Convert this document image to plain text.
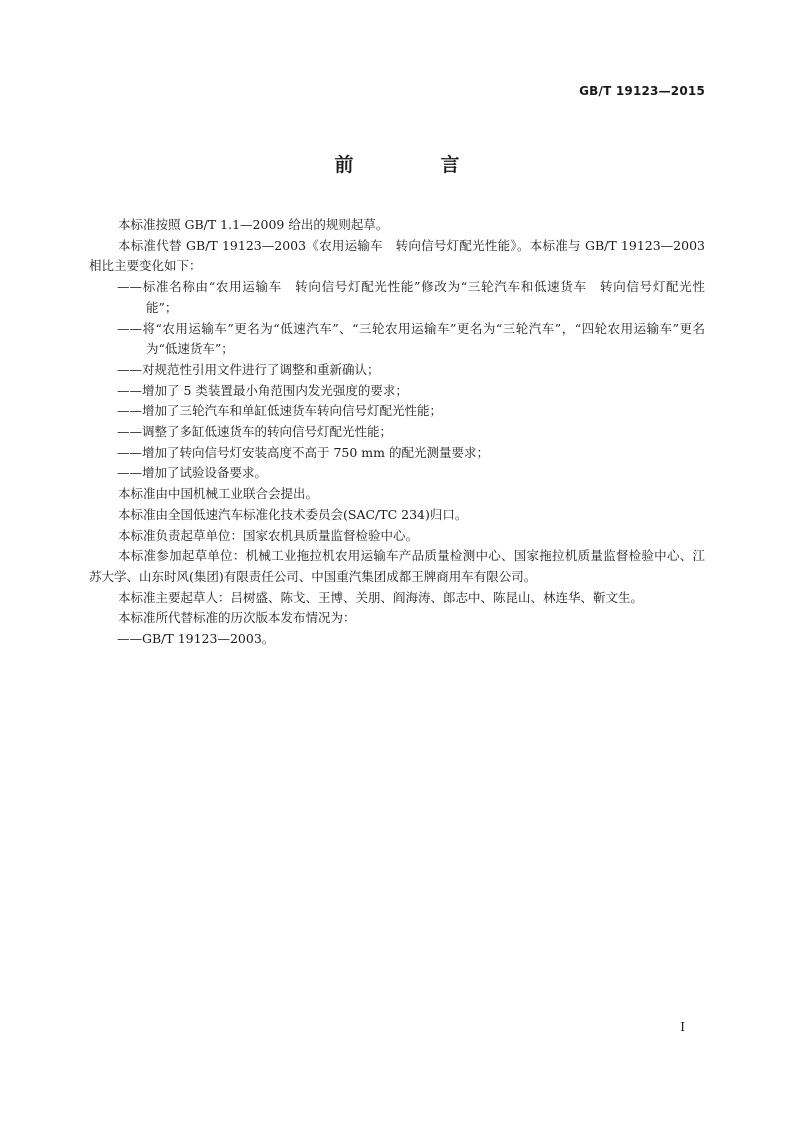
GB/T 19123—2015
前　言

本标准按照 GB/T 1.1—2009 给出的规则起草。

本标准代替 GB/T 19123—2003《农用运输车　转向信号灯配光性能》。本标准与 GB/T 19123—2003 相比主要变化如下：

——标准名称由“农用运输车　转向信号灯配光性能”修改为“三轮汽车和低速货车　转向信号灯配光性能”；

——将“农用运输车”更名为“低速汽车”、“三轮农用运输车”更名为“三轮汽车”，“四轮农用运输车”更名为“低速货车”；

——对规范性引用文件进行了调整和重新确认；

——增加了 5 类装置最小角范围内发光强度的要求；

——增加了三轮汽车和单缸低速货车转向信号灯配光性能；

——调整了多缸低速货车的转向信号灯配光性能；

——增加了转向信号灯安装高度不高于 750 mm 的配光测量要求；

——增加了试验设备要求。

本标准由中国机械工业联合会提出。

本标准由全国低速汽车标准化技术委员会(SAC/TC 234)归口。

本标准负责起草单位：国家农机具质量监督检验中心。

本标准参加起草单位：机械工业拖拉机农用运输车产品质量检测中心、国家拖拉机质量监督检验中心、江苏大学、山东时风(集团)有限责任公司、中国重汽集团成都王牌商用车有限公司。

本标准主要起草人：吕树盛、陈戈、王博、关朋、阎海涛、郎志中、陈昆山、林连华、靳文生。

本标准所代替标准的历次版本发布情况为：

——GB/T 19123—2003。

I
